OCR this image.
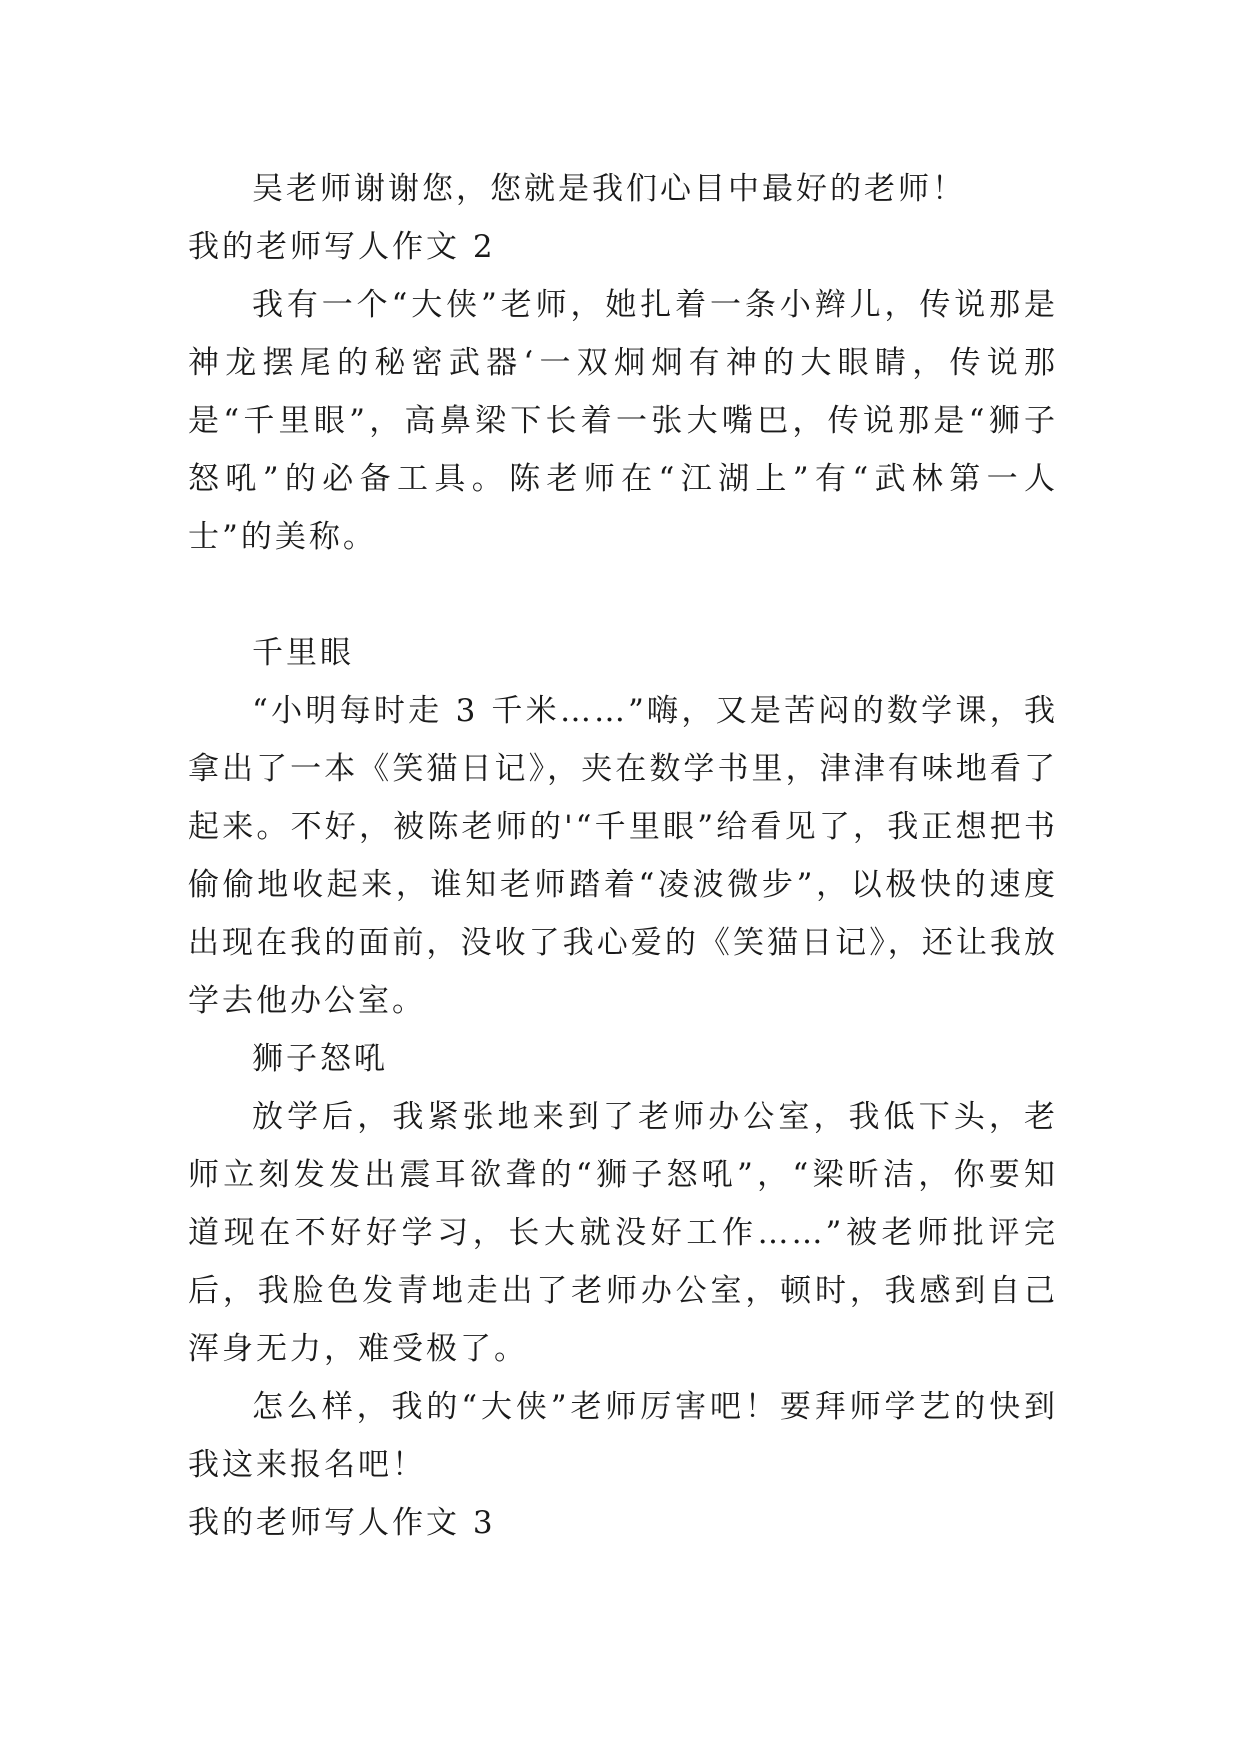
吴老师谢谢您，您就是我们心目中最好的老师！

我的老师写人作文 2

我有一个“大侠”老师，她扎着一条小辫儿，传说那是神龙摆尾的秘密武器‘一双炯炯有神的大眼睛，传说那是“千里眼”，高鼻梁下长着一张大嘴巴，传说那是“狮子怒吼”的必备工具。陈老师在“江湖上”有“武林第一人士”的美称。

千里眼

“小明每时走 3 千米……”嗨，又是苦闷的数学课，我拿出了一本《笑猫日记》，夹在数学书里，津津有味地看了起来。不好，被陈老师的'“千里眼”给看见了，我正想把书偷偷地收起来，谁知老师踏着“凌波微步”，以极快的速度出现在我的面前，没收了我心爱的《笑猫日记》，还让我放学去他办公室。

狮子怒吼

放学后，我紧张地来到了老师办公室，我低下头，老师立刻发发出震耳欲聋的“狮子怒吼”，“梁昕洁，你要知道现在不好好学习，长大就没好工作……”被老师批评完后，我脸色发青地走出了老师办公室，顿时，我感到自己浑身无力，难受极了。

怎么样，我的“大侠”老师厉害吧！要拜师学艺的快到我这来报名吧！

我的老师写人作文 3
